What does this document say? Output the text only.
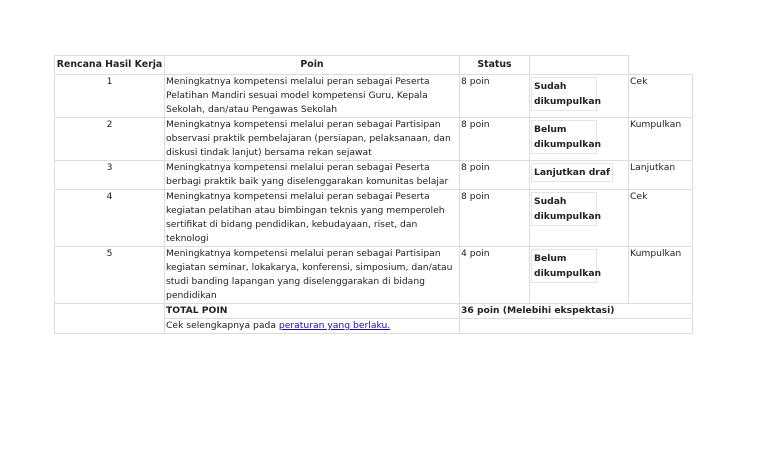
Rencana Hasil Kerja	Poin	Status		
1	Meningkatnya kompetensi melalui peran sebagai Peserta Pelatihan Mandiri sesuai model kompetensi Guru, Kepala Sekolah, dan/atau Pengawas Sekolah	8 poin	Sudah dikumpulkan	Cek
2	Meningkatnya kompetensi melalui peran sebagai Partisipan observasi praktik pembelajaran (persiapan, pelaksanaan, dan diskusi tindak lanjut) bersama rekan sejawat	8 poin	Belum dikumpulkan	Kumpulkan
3	Meningkatnya kompetensi melalui peran sebagai Peserta berbagi praktik baik yang diselenggarakan komunitas belajar	8 poin	Lanjutkan draf	Lanjutkan
4	Meningkatnya kompetensi melalui peran sebagai Peserta kegiatan pelatihan atau bimbingan teknis yang memperoleh sertifikat di bidang pendidikan, kebudayaan, riset, dan teknologi	8 poin	Sudah dikumpulkan	Cek
5	Meningkatnya kompetensi melalui peran sebagai Partisipan kegiatan seminar, lokakarya, konferensi, simposium, dan/atau studi banding lapangan yang diselenggarakan di bidang pendidikan	4 poin	Belum dikumpulkan	Kumpulkan
	TOTAL POIN	36 poin (Melebihi ekspektasi)		
	Cek selengkapnya pada peraturan yang berlaku.			
